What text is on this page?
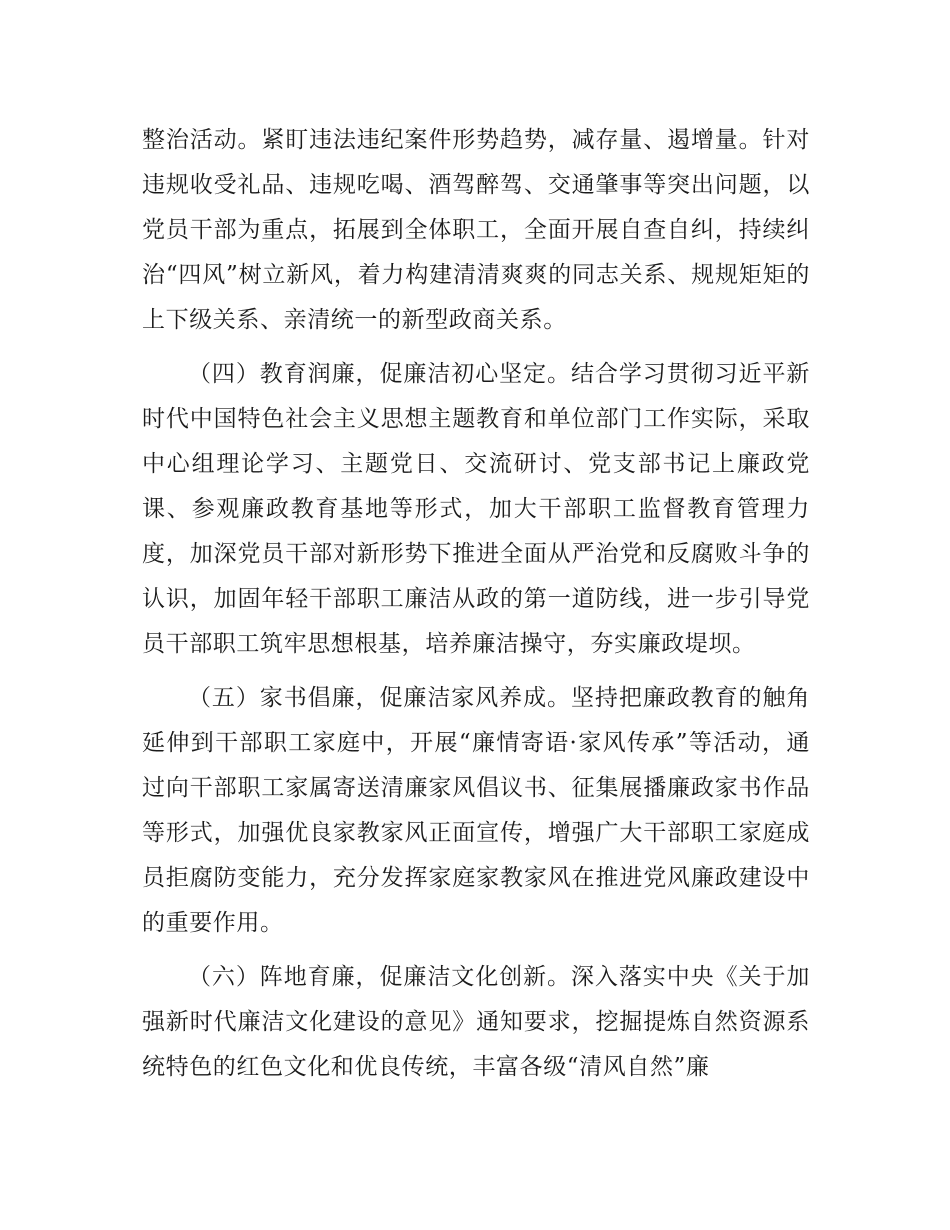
整治活动。紧盯违法违纪案件形势趋势，减存量、遏增量。针对违规收受礼品、违规吃喝、酒驾醉驾、交通肇事等突出问题，以党员干部为重点，拓展到全体职工，全面开展自查自纠，持续纠治“四风”树立新风，着力构建清清爽爽的同志关系、规规矩矩的上下级关系、亲清统一的新型政商关系。

（四）教育润廉，促廉洁初心坚定。结合学习贯彻习近平新时代中国特色社会主义思想主题教育和单位部门工作实际，采取中心组理论学习、主题党日、交流研讨、党支部书记上廉政党课、参观廉政教育基地等形式，加大干部职工监督教育管理力度，加深党员干部对新形势下推进全面从严治党和反腐败斗争的认识，加固年轻干部职工廉洁从政的第一道防线，进一步引导党员干部职工筑牢思想根基，培养廉洁操守，夯实廉政堤坝。

（五）家书倡廉，促廉洁家风养成。坚持把廉政教育的触角延伸到干部职工家庭中，开展“廉情寄语·家风传承”等活动，通过向干部职工家属寄送清廉家风倡议书、征集展播廉政家书作品等形式，加强优良家教家风正面宣传，增强广大干部职工家庭成员拒腐防变能力，充分发挥家庭家教家风在推进党风廉政建设中的重要作用。

（六）阵地育廉，促廉洁文化创新。深入落实中央《关于加强新时代廉洁文化建设的意见》通知要求，挖掘提炼自然资源系统特色的红色文化和优良传统，丰富各级“清风自然”廉
